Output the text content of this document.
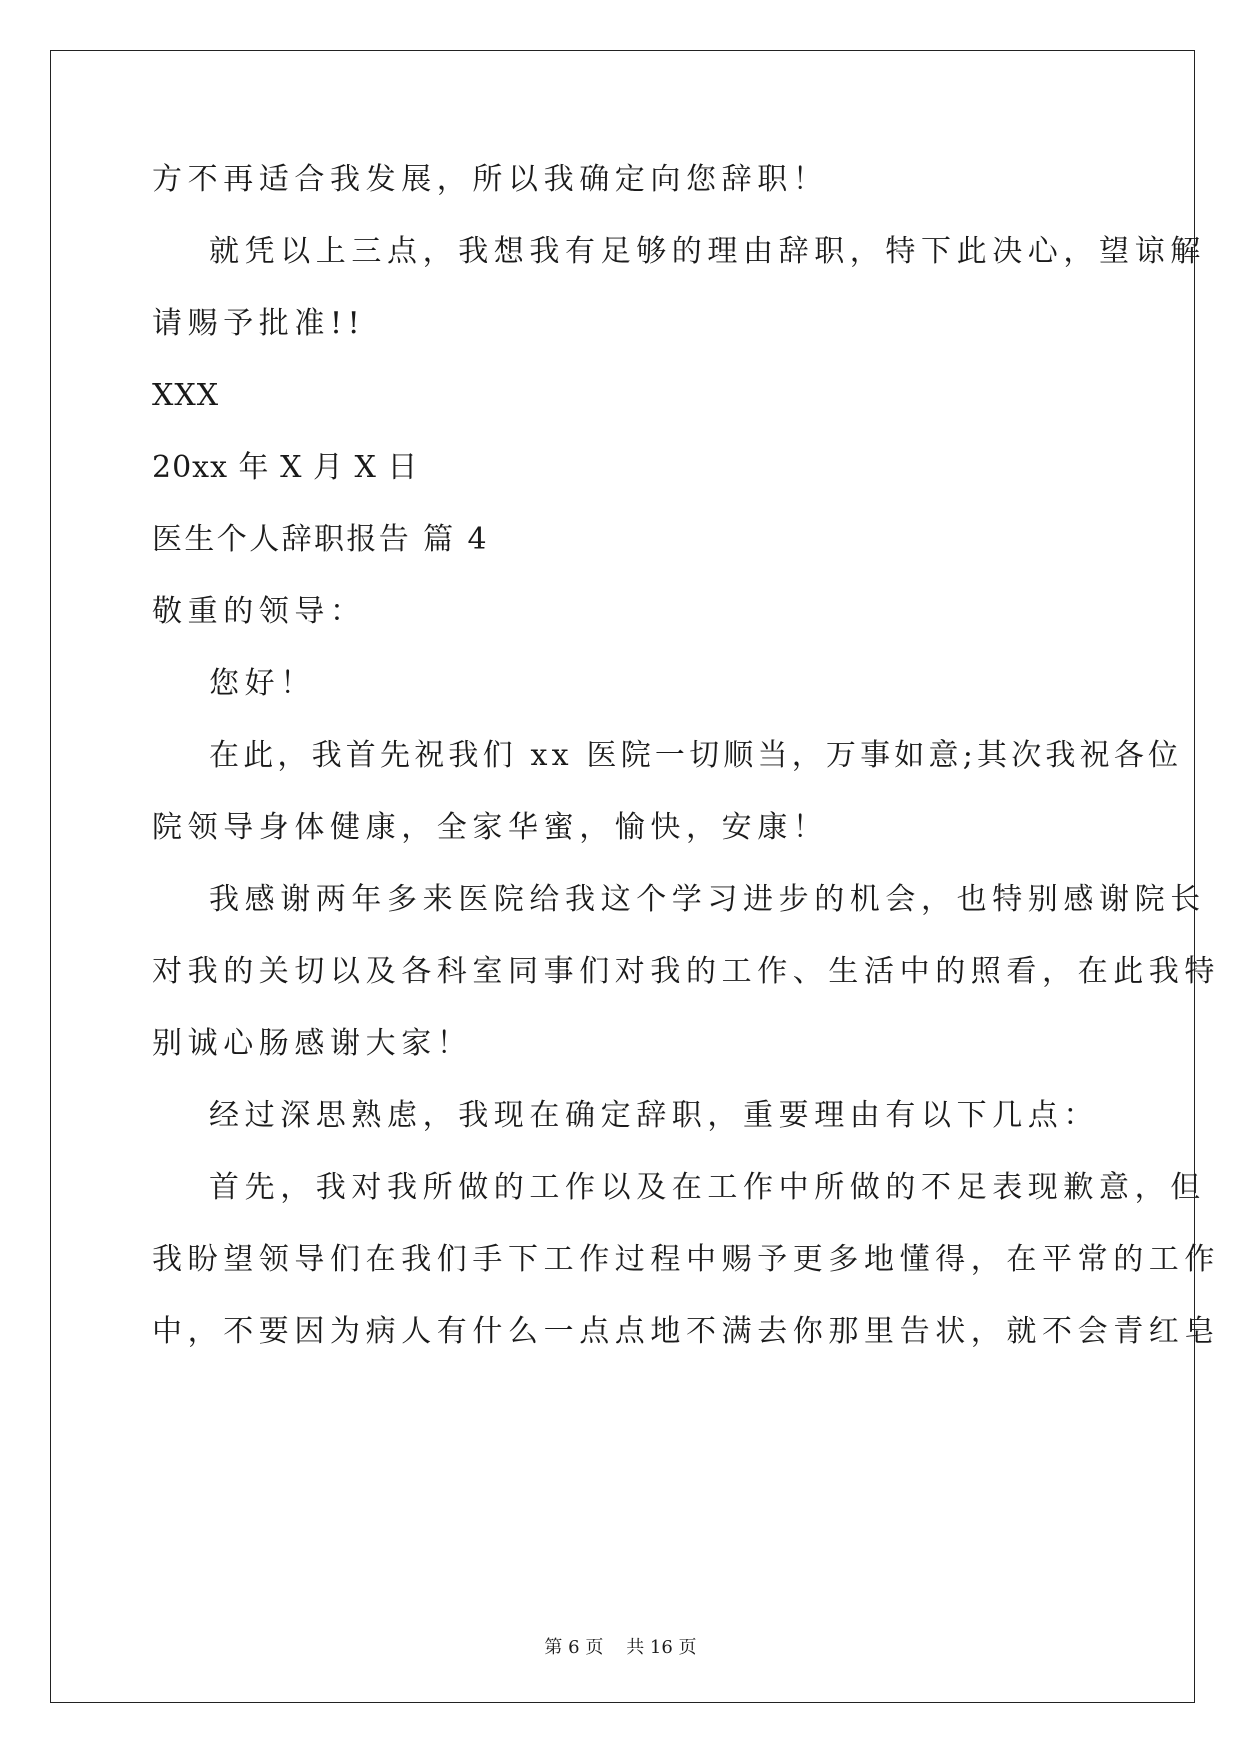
方不再适合我发展，所以我确定向您辞职！
就凭以上三点，我想我有足够的理由辞职，特下此决心，望谅解
请赐予批准!!
XXX
20xx 年 X 月 X 日
医生个人辞职报告 篇 4
敬重的领导：
您好！
在此，我首先祝我们 xx 医院一切顺当，万事如意;其次我祝各位
院领导身体健康，全家华蜜，愉快，安康！
我感谢两年多来医院给我这个学习进步的机会，也特别感谢院长
对我的关切以及各科室同事们对我的工作、生活中的照看，在此我特
别诚心肠感谢大家！
经过深思熟虑，我现在确定辞职，重要理由有以下几点：
首先，我对我所做的工作以及在工作中所做的不足表现歉意，但
我盼望领导们在我们手下工作过程中赐予更多地懂得，在平常的工作
中，不要因为病人有什么一点点地不满去你那里告状，就不会青红皂
第 6 页    共 16 页
